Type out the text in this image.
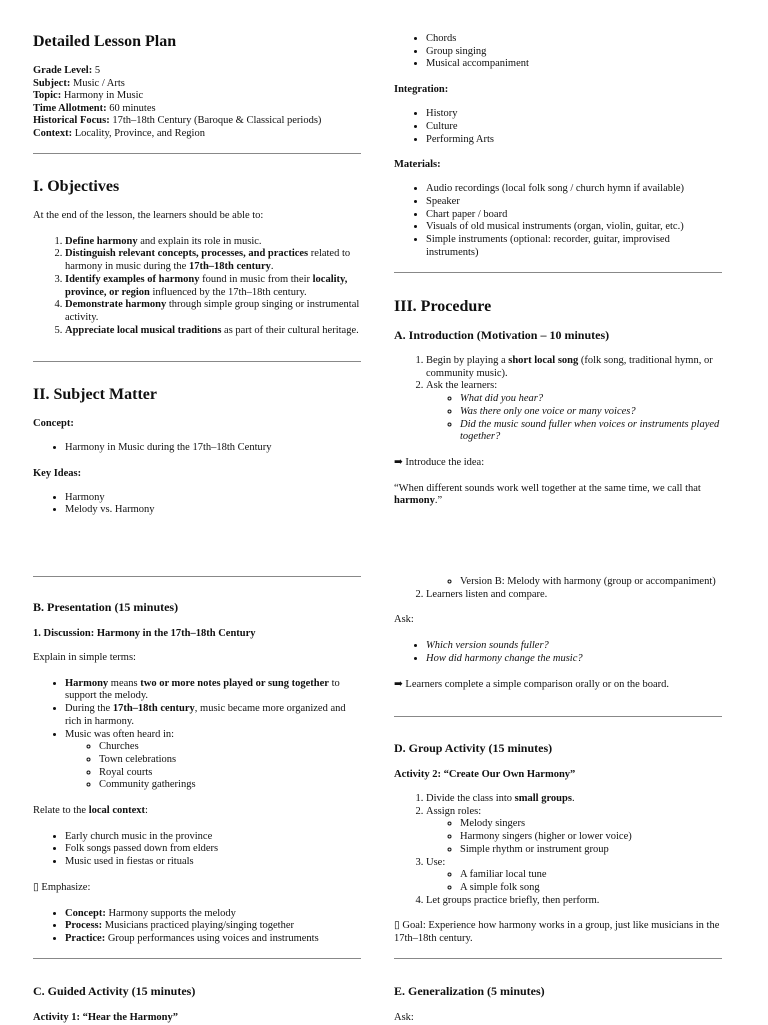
Detailed Lesson Plan
Grade Level: 5
Subject: Music / Arts
Topic: Harmony in Music
Time Allotment: 60 minutes
Historical Focus: 17th–18th Century (Baroque & Classical periods)
Context: Locality, Province, and Region
I. Objectives

At the end of the lesson, the learners should be able to:

1. Define harmony and explain its role in music.
2. Distinguish relevant concepts, processes, and practices related to harmony in music during the 17th–18th century.
3. Identify examples of harmony found in music from their locality, province, or region influenced by the 17th–18th century.
4. Demonstrate harmony through simple group singing or instrumental activity.
5. Appreciate local musical traditions as part of their cultural heritage.
II. Subject Matter
Concept:
• Harmony in Music during the 17th–18th Century
Key Ideas:
• Harmony
• Melody vs. Harmony
• Chords
• Group singing
• Musical accompaniment
Integration:
• History
• Culture
• Performing Arts
Materials:
• Audio recordings (local folk song / church hymn if available)
• Speaker
• Chart paper / board
• Visuals of old musical instruments (organ, violin, guitar, etc.)
• Simple instruments (optional: recorder, guitar, improvised instruments)
III. Procedure
A. Introduction (Motivation – 10 minutes)
1. Begin by playing a short local song (folk song, traditional hymn, or community music).
2. Ask the learners:
◦ What did you hear?
◦ Was there only one voice or many voices?
◦ Did the music sound fuller when voices or instruments played together?

➡ Introduce the idea:

“When different sounds work well together at the same time, we call that harmony.”

B. Presentation (15 minutes)
1. Discussion: Harmony in the 17th–18th Century

Explain in simple terms:

• Harmony means two or more notes played or sung together to support the melody.
• During the 17th–18th century, music became more organized and rich in harmony.
• Music was often heard in:
◦ Churches
◦ Town celebrations
◦ Royal courts
◦ Community gatherings

Relate to the local context:

• Early church music in the province
• Folk songs passed down from elders
• Music used in fiestas or rituals

▯ Emphasize:

• Concept: Harmony supports the melody
• Process: Musicians practiced playing/singing together
• Practice: Group performances using voices and instruments
C. Guided Activity (15 minutes)
Activity 1: “Hear the Harmony”
◦ Version B: Melody with harmony (group or accompaniment)
2. Learners listen and compare.

Ask:

• Which version sounds fuller?
• How did harmony change the music?

➡ Learners complete a simple comparison orally or on the board.

D. Group Activity (15 minutes)
Activity 2: “Create Our Own Harmony”
1. Divide the class into small groups.
2. Assign roles:
◦ Melody singers
◦ Harmony singers (higher or lower voice)
◦ Simple rhythm or instrument group
3. Use:
◦ A familiar local tune
◦ A simple folk song
4. Let groups practice briefly, then perform.

▯ Goal: Experience how harmony works in a group, just like musicians in the 17th–18th century.

E. Generalization (5 minutes)

Ask:
